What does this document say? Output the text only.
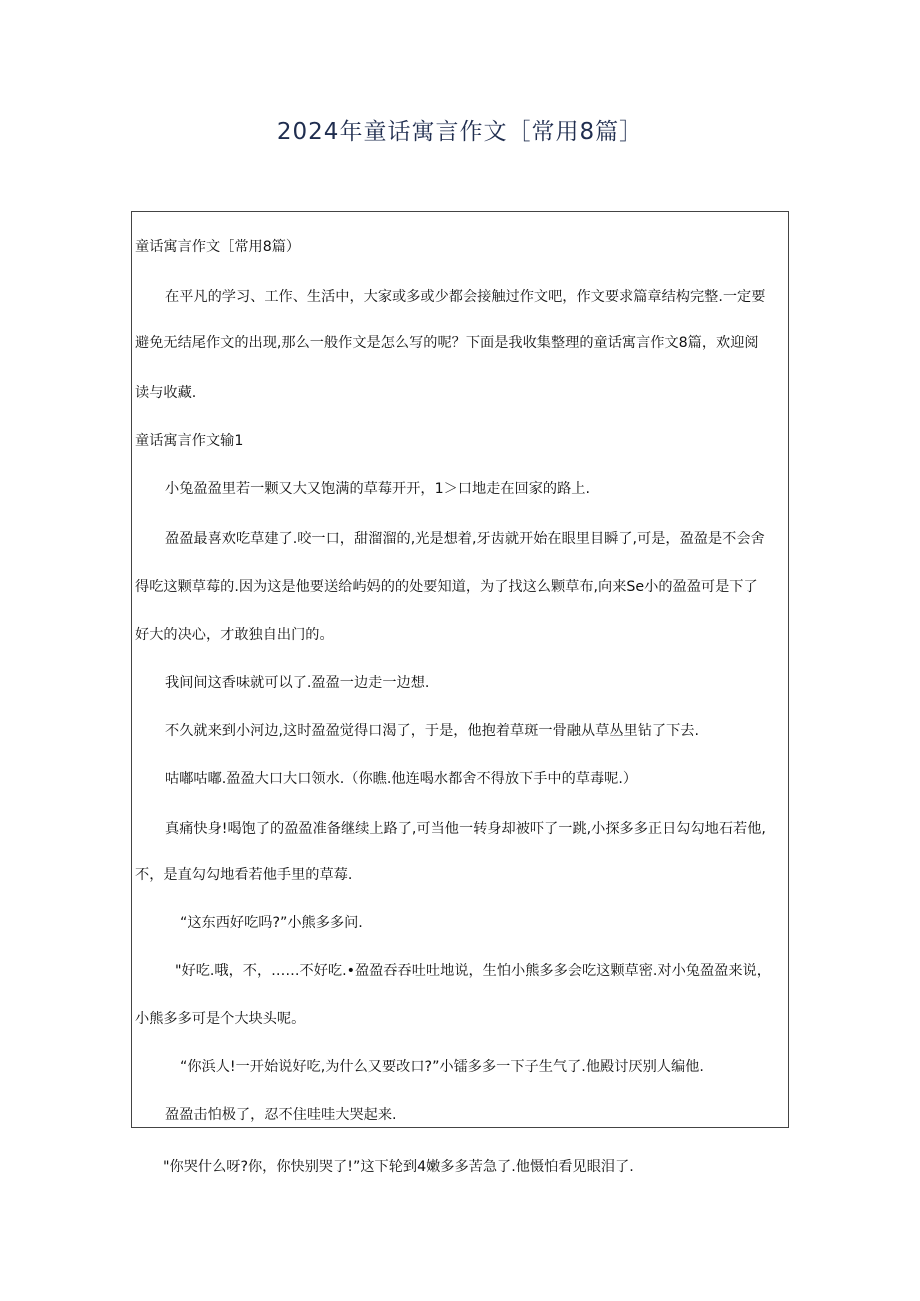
2024年童话寓言作文［常用8篇］
童话寓言作文［常用8篇）
在平凡的学习、工作、生活中，大家或多或少都会接触过作文吧，作文要求篇章结构完整.一定要
避免无结尾作文的出现,那么一般作文是怎么写的呢？下面是我收集整理的童话寓言作文8篇，欢迎阅
读与收藏.
童话寓言作文输1
小兔盈盈里若一颗又大又饱满的草莓开开，1＞口地走在回家的路上.
盈盈最喜欢吃草建了.咬一口，甜溜溜的,光是想着,牙齿就开始在眼里目瞬了,可是，盈盈是不会舍
得吃这颗草莓的.因为这是他要送给屿妈的的处要知道，为了找这么颗草布,向来Se小的盈盈可是下了
好大的决心，才敢独自出门的。
我间间这香味就可以了.盈盈一边走一边想.
不久就来到小河边,这时盈盈觉得口渴了，于是，他抱着草斑一骨融从草丛里钻了下去.
咕嘟咕嘟.盈盈大口大口领水.（你瞧.他连喝水都舍不得放下手中的草毒呢.）
真痛快身!喝饱了的盈盈准备继续上路了,可当他一转身却被吓了一跳,小探多多正日勾勾地石若他,
不，是直勾勾地看若他手里的草莓.
“这东西好吃吗?”小熊多多问.
"好吃.哦，不，……不好吃.•盈盈吞吞吐吐地说，生怕小熊多多会吃这颗草密.对小兔盈盈来说，
小熊多多可是个大块头呢。
“你浜人!一开始说好吃,为什么又要改口?”小镭多多一下子生气了.他殿讨厌别人编他.
盈盈击怕极了，忍不住哇哇大哭起来.
"你哭什么呀?你，你快别哭了!”这下轮到4嫩多多苦急了.他慑怕看见眼泪了.
